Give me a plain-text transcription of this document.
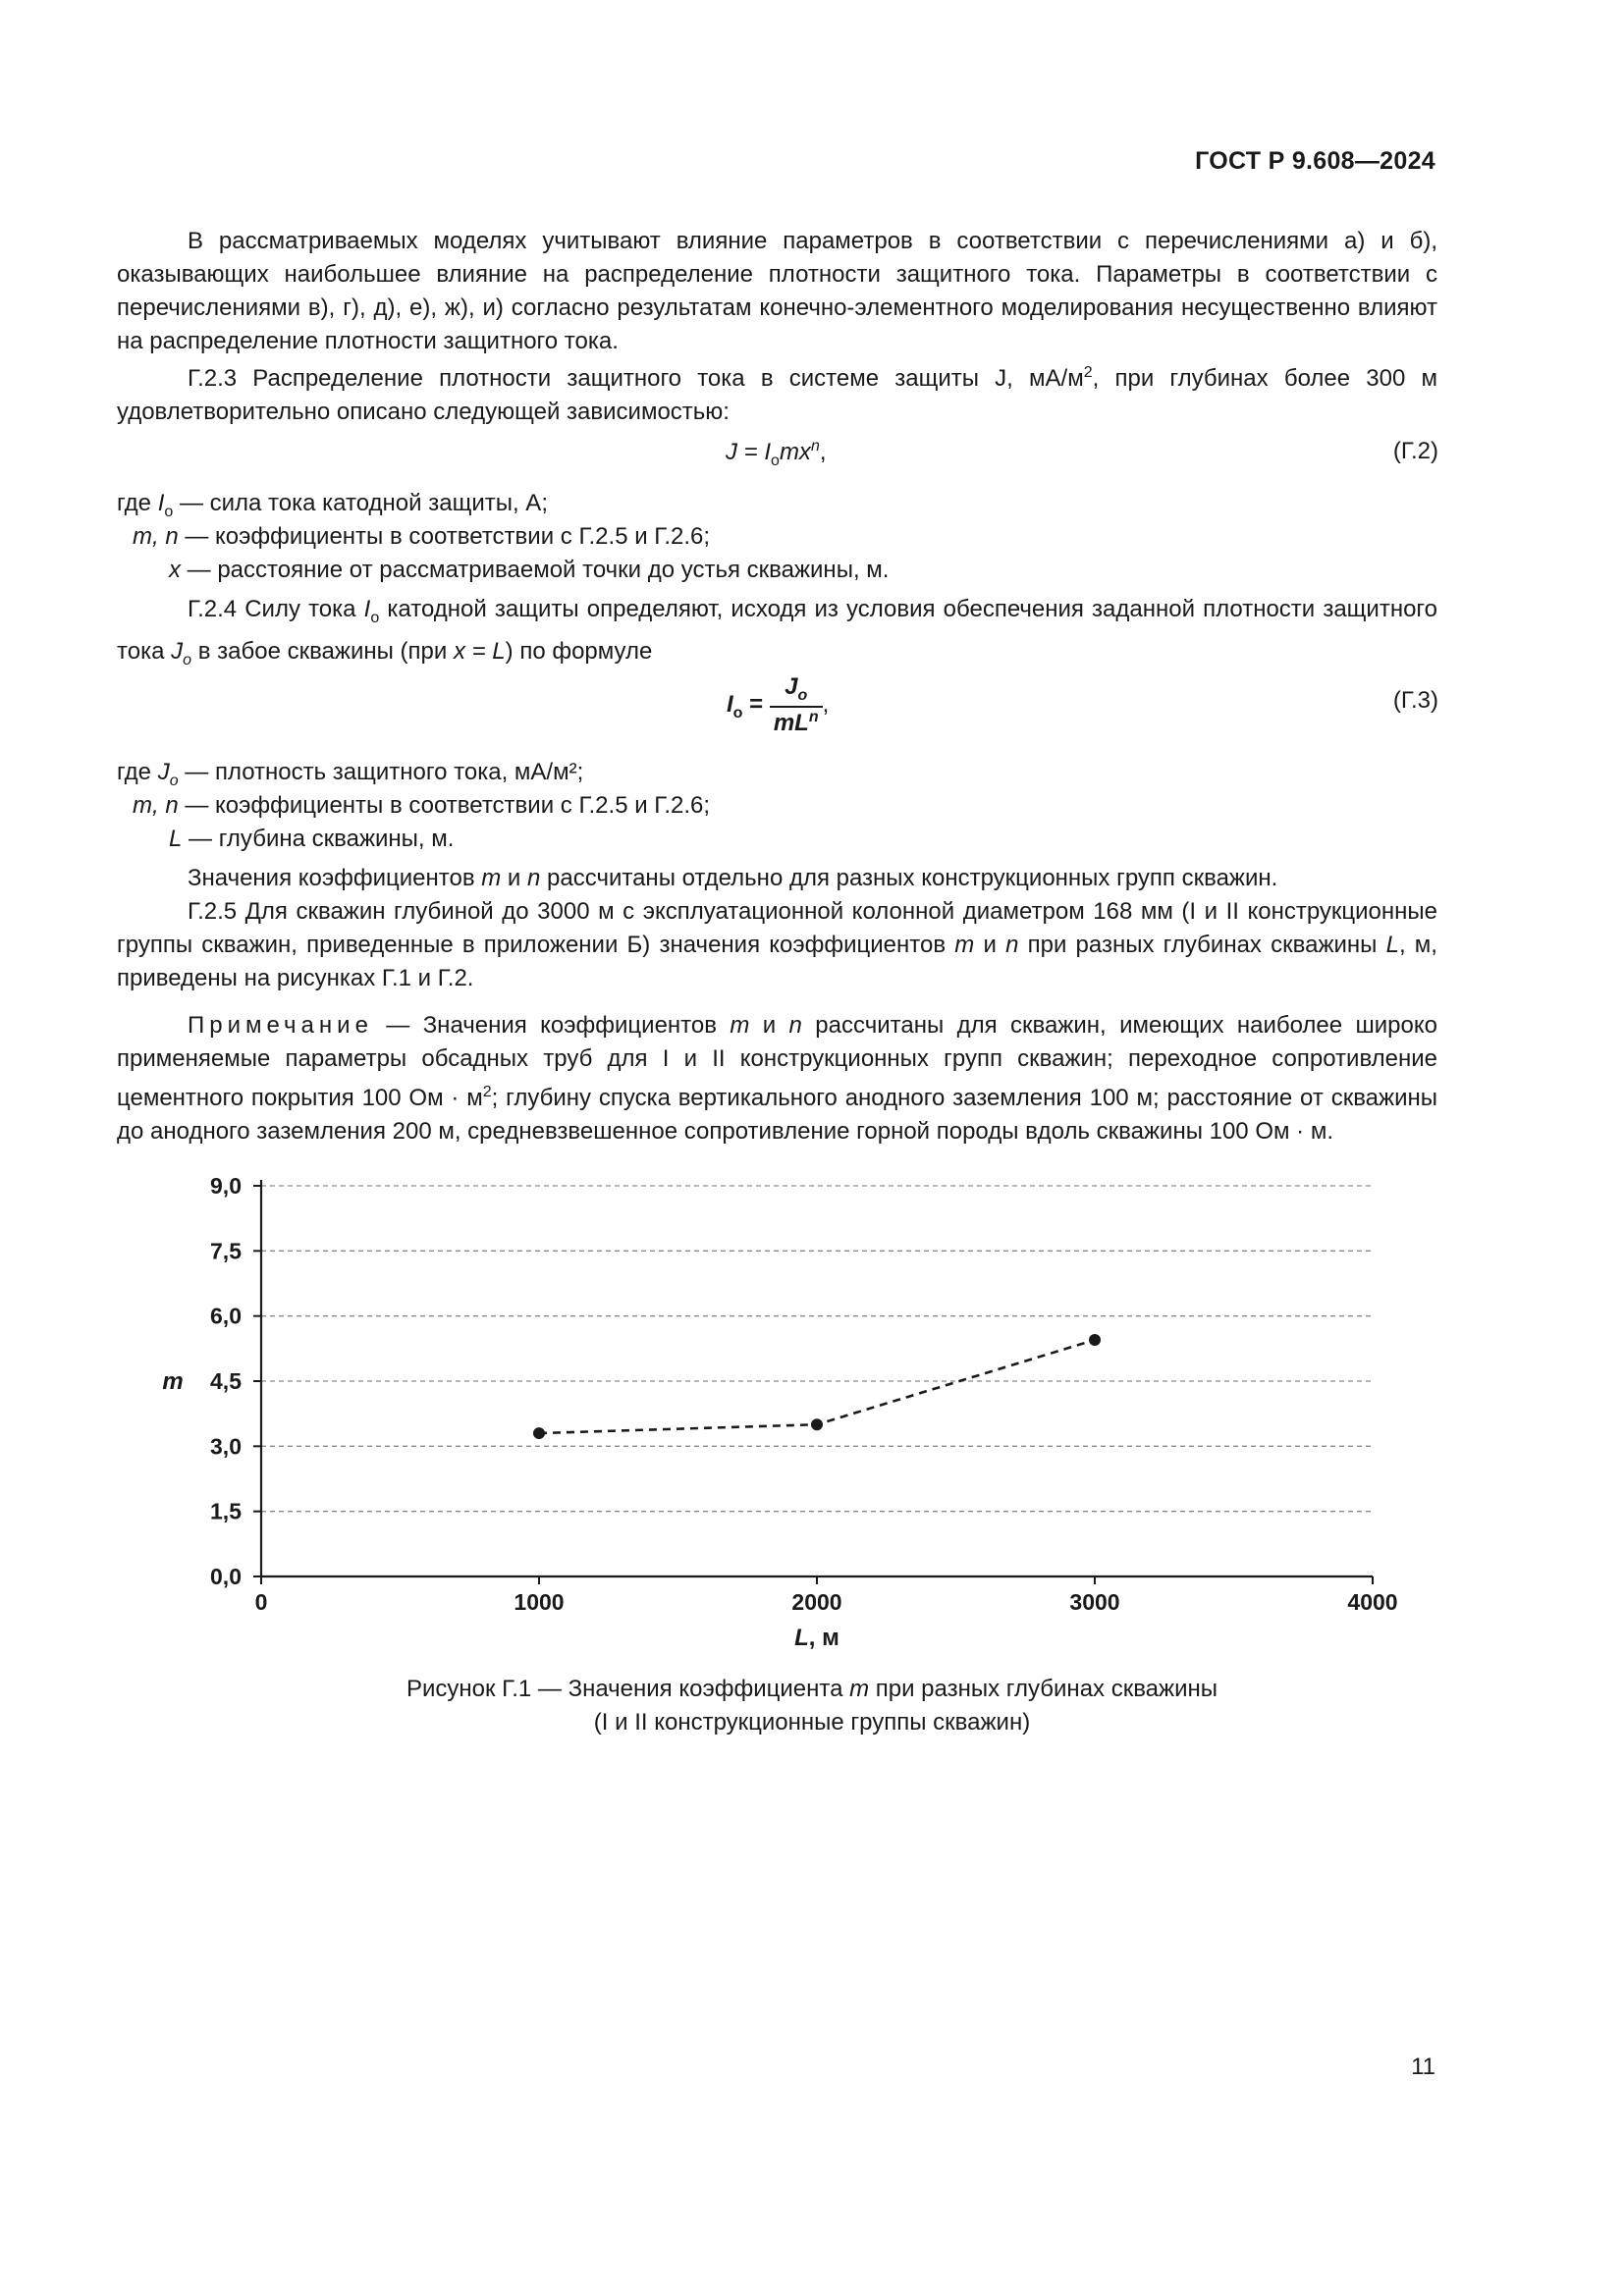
ГОСТ Р 9.608—2024
В рассматриваемых моделях учитывают влияние параметров в соответствии с перечислениями а) и б), оказывающих наибольшее влияние на распределение плотности защитного тока. Параметры в соответствии с перечислениями в), г), д), е), ж), и) согласно результатам конечно-элементного моделирования несущественно влияют на распределение плотности защитного тока.
Г.2.3 Распределение плотности защитного тока в системе защиты J, $мА/м^2$, при глубинах более 300 м удовлетворительно описано следующей зависимостью:
$J = I_omx^n$,	(Г.2)
где $I_o$ — сила тока катодной защиты, А;
m, n — коэффициенты в соответствии с Г.2.5 и Г.2.6;
x — расстояние от рассматриваемой точки до устья скважины, м.
Г.2.4 Силу тока $I_o$ катодной защиты определяют, исходя из условия обеспечения заданной плотности защитного тока $J_o$ в забое скважины (при x = L) по формуле
$I_o = \frac{J_o}{mL^n}$ ,	(Г.3)
где $J_o$ — плотность защитного тока, мА/м²;
m, n — коэффициенты в соответствии с Г.2.5 и Г.2.6;
L — глубина скважины, м.
Значения коэффициентов m и n рассчитаны отдельно для разных конструкционных групп скважин.
Г.2.5 Для скважин глубиной до 3000 м с эксплуатационной колонной диаметром 168 мм (I и II конструкционные группы скважин, приведенные в приложении Б) значения коэффициентов m и n при разных глубинах скважины L, м, приведены на рисунках Г.1 и Г.2.
Примечание — Значения коэффициентов m и n рассчитаны для скважин, имеющих наиболее широко применяемые параметры обсадных труб для I и II конструкционных групп скважин; переходное сопротивление цементного покрытия 100 Ом · $м^2$; глубину спуска вертикального анодного заземления 100 м; расстояние от скважины до анодного заземления 200 м, средневзвешенное сопротивление горной породы вдоль скважины 100 Ом · м.
0,0
1,5
3,0
4,5
6,0
7,5
9,0
0	1000	2000	3000	4000
m
L, м
Рисунок Г.1 — Значения коэффициента m при разных глубинах скважины
(I и II конструкционные группы скважин)
11
